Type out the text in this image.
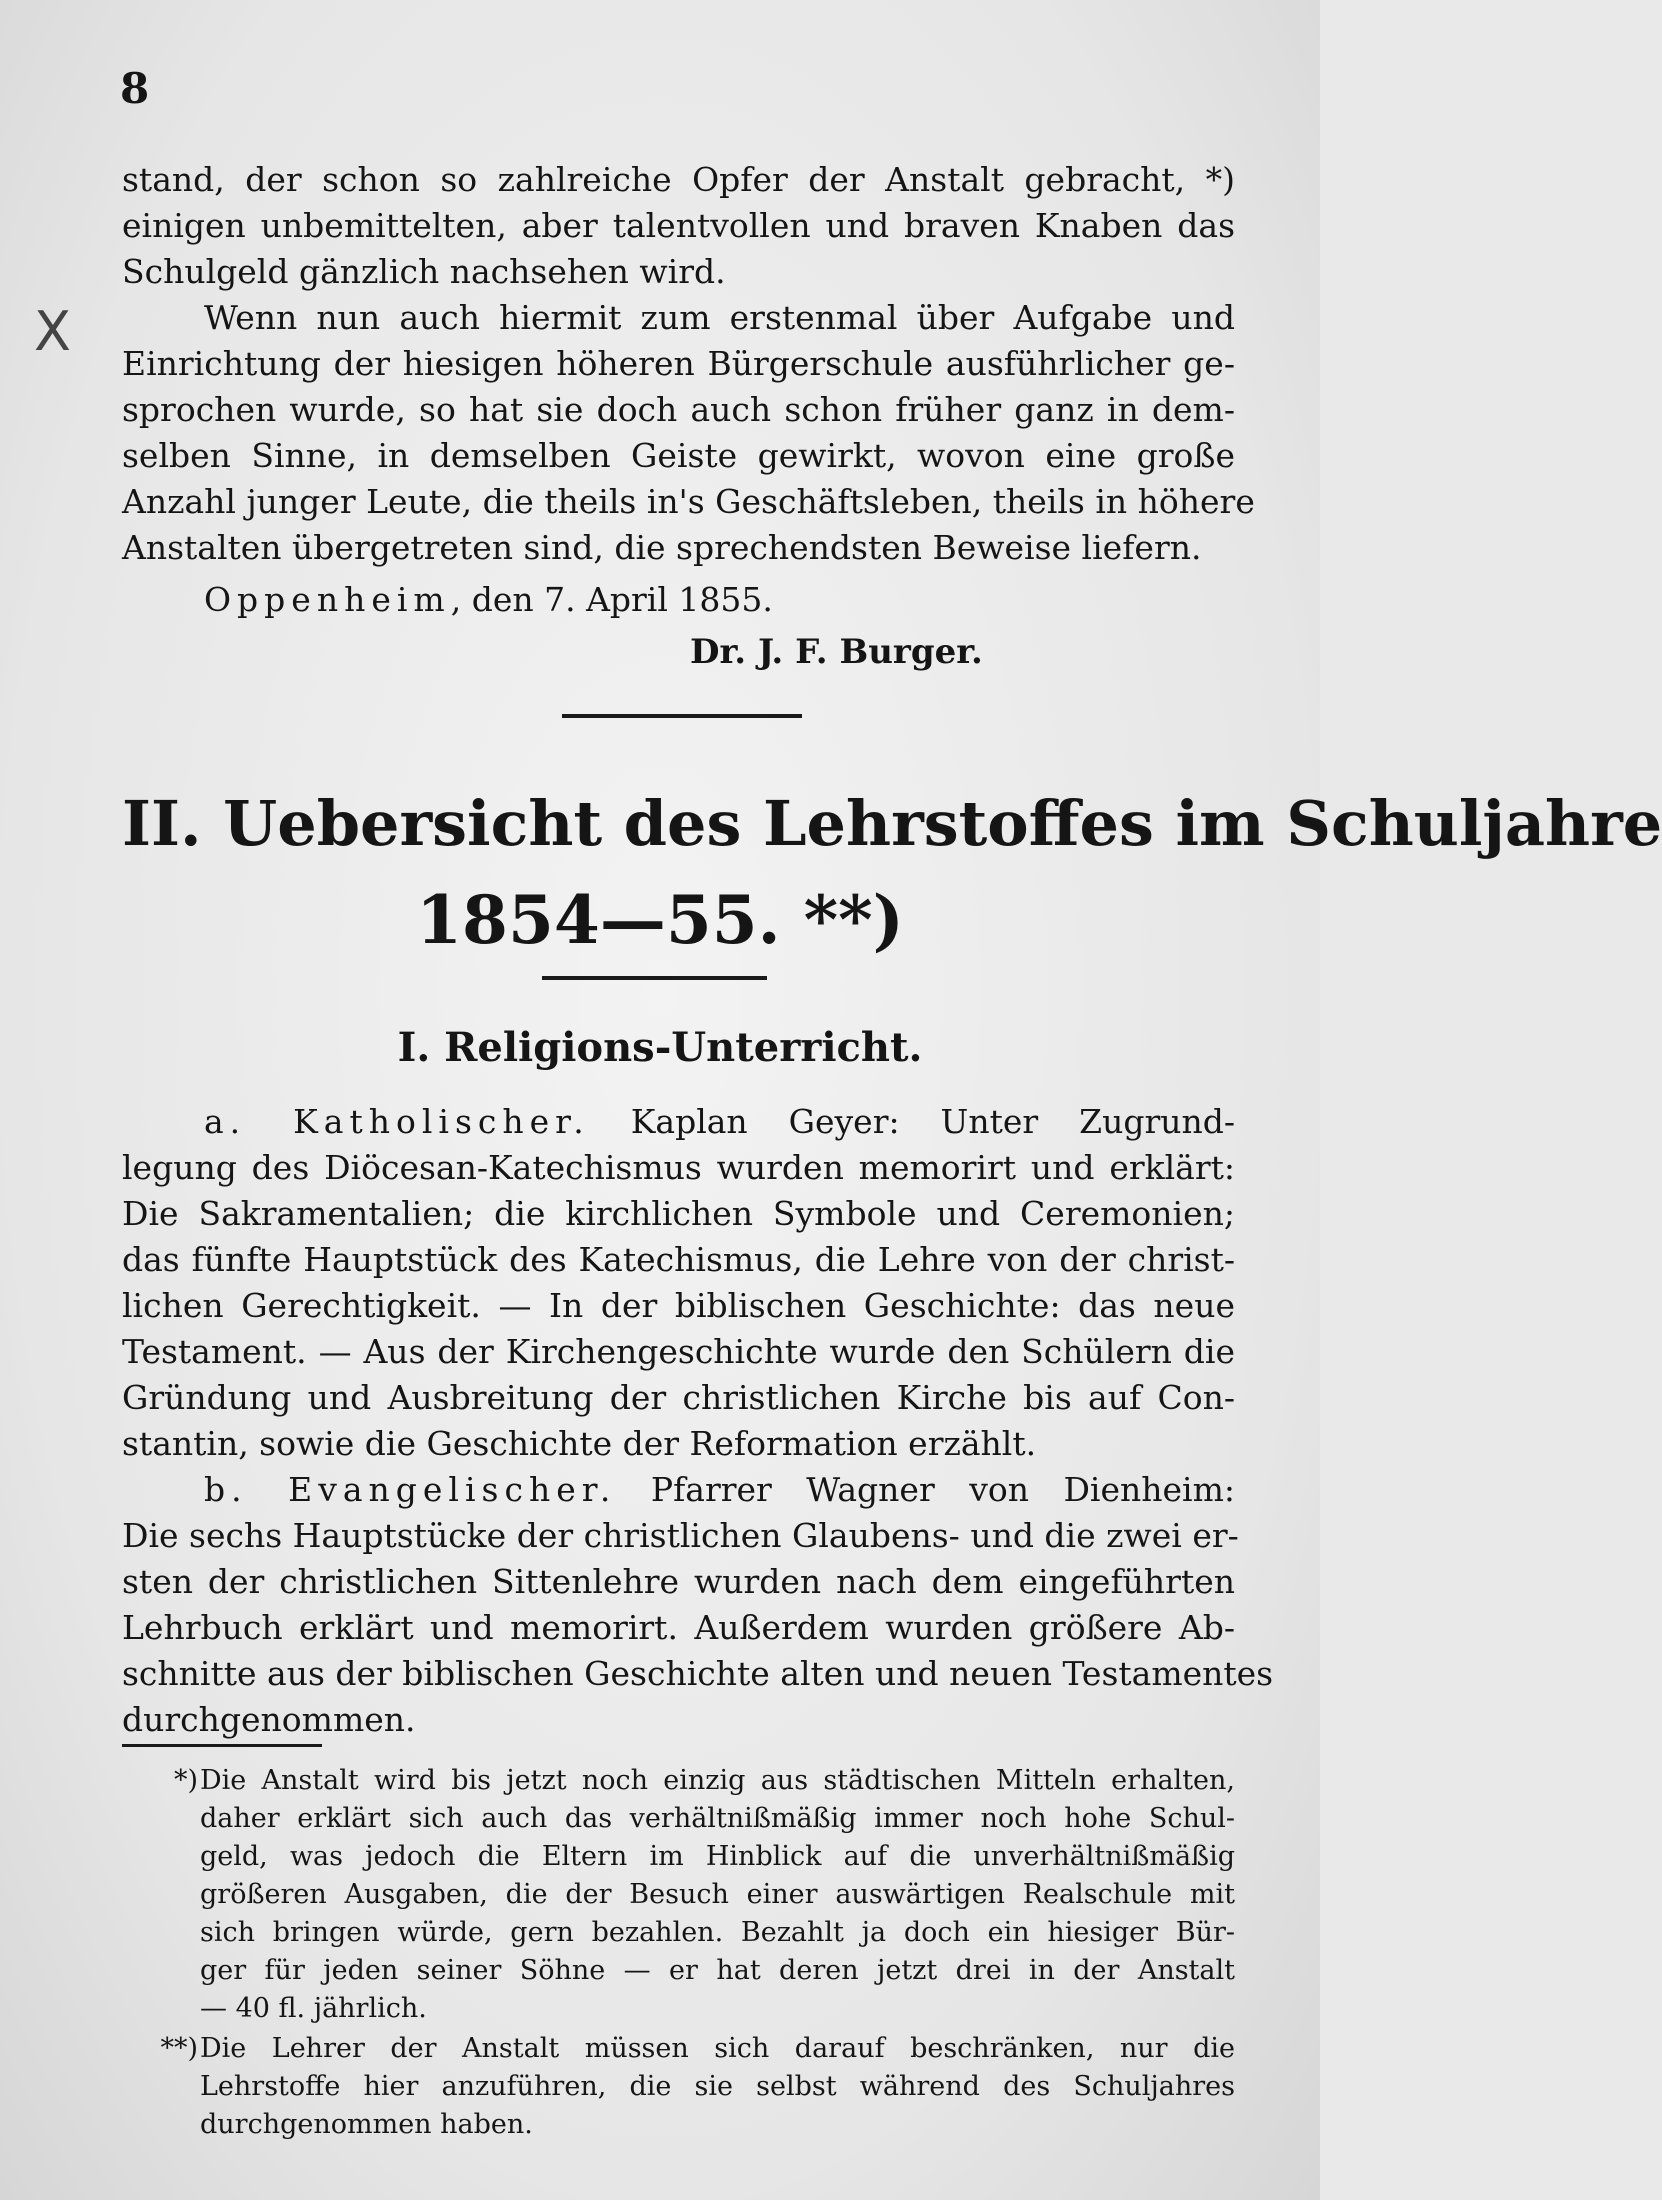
8
X
stand, der schon so zahlreiche Opfer der Anstalt gebracht, *)
einigen unbemittelten, aber talentvollen und braven Knaben das
Schulgeld gänzlich nachsehen wird.
Wenn nun auch hiermit zum erstenmal über Aufgabe und
Einrichtung der hiesigen höheren Bürgerschule ausführlicher ge-
sprochen wurde, so hat sie doch auch schon früher ganz in dem-
selben Sinne, in demselben Geiste gewirkt, wovon eine große
Anzahl junger Leute, die theils in's Geschäftsleben, theils in höhere
Anstalten übergetreten sind, die sprechendsten Beweise liefern.
Oppenheim, den 7. April 1855.
Dr. J. F. Burger.
II. Uebersicht des Lehrstoffes im Schuljahre
1854—55. **)
I. Religions-Unterricht.
a. Katholischer. Kaplan Geyer: Unter Zugrund-
legung des Diöcesan-Katechismus wurden memorirt und erklärt:
Die Sakramentalien; die kirchlichen Symbole und Ceremonien;
das fünfte Hauptstück des Katechismus, die Lehre von der christ-
lichen Gerechtigkeit. — In der biblischen Geschichte: das neue
Testament. — Aus der Kirchengeschichte wurde den Schülern die
Gründung und Ausbreitung der christlichen Kirche bis auf Con-
stantin, sowie die Geschichte der Reformation erzählt.
b. Evangelischer. Pfarrer Wagner von Dienheim:
Die sechs Hauptstücke der christlichen Glaubens- und die zwei er-
sten der christlichen Sittenlehre wurden nach dem eingeführten
Lehrbuch erklärt und memorirt. Außerdem wurden größere Ab-
schnitte aus der biblischen Geschichte alten und neuen Testamentes
durchgenommen.
*) Die Anstalt wird bis jetzt noch einzig aus städtischen Mitteln erhalten,
daher erklärt sich auch das verhältnißmäßig immer noch hohe Schul-
geld, was jedoch die Eltern im Hinblick auf die unverhältnißmäßig
größeren Ausgaben, die der Besuch einer auswärtigen Realschule mit
sich bringen würde, gern bezahlen. Bezahlt ja doch ein hiesiger Bür-
ger für jeden seiner Söhne — er hat deren jetzt drei in der Anstalt
— 40 fl. jährlich.
**) Die Lehrer der Anstalt müssen sich darauf beschränken, nur die
Lehrstoffe hier anzuführen, die sie selbst während des Schuljahres
durchgenommen haben.
